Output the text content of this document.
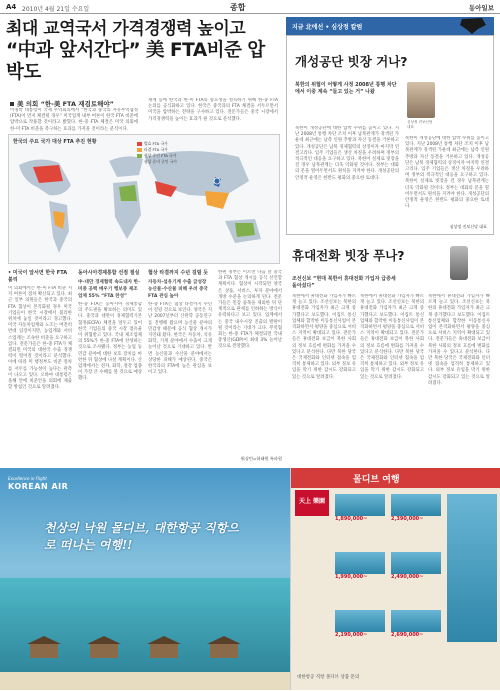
A4 2010년 4월 21일 수요일	종합	동아일보
최대 교역국서 가격경쟁력 높이고
“中과 앞서간다” 美 FTA비준 압박도
美 의회 “한-美 FTA 재검토해야”
이명박 대통령이 국제 무역회의에서 “한국과 중국의 자유무역협정(FTA)이 먼저 체결될 경우” 미국업계 내부 여론이 한국 FTA 비준에 압박으로 작용할 것이라고 밝혔다. 한-중 FTA 체결은 미국 의회에 한-미 FTA 비준을 촉구하는 효과를 가져올 것이라는 분석이다.
재계 등에 한국과 한-미 FTA의 중요성을 설득하기 위해 한-중 FTA 논의를 공식화하고 있다. 한국은 중국과의 FTA 체결을 서두르면서 미국을 압박하는 전략을 구사하고 있다. 전문가들은 중국 시장에서 가격경쟁력을 높이는 효과가 클 것으로 분석했다.
한국의 주요 국가 대상 FTA 추진 현황	발효 FTA 국가
타결 FTA 국가
협상 중인 FTA 국가
협상 준비 중인 국가
• 미국이 앞서면 한국 FTA 불리
미 의회에서는 한-미 FTA 비준 지지 여론이 점차 확산되고 있다. 최근 일부 의원들은 한국과 중국의 FTA 협상이 본격화될 경우 미국 기업들이 한국 시장에서 불리한 위치에 놓일 것이라고 경고했다. 미국 자동차업계와 노조는 여전히 반대 입장이지만, 농업계와 서비스업계는 조속한 비준을 요구하고 있다. 전문가들은 한-중 FTA가 체결되면 미국의 대한국 수출 경쟁력이 떨어질 것이라고 분석했다. 이에 따라 미 행정부도 비준 절차를 서두를 가능성이 높다는 관측이 나오고 있다. 오바마 대통령은 올해 안에 비준안을 의회에 제출할 방침인 것으로 알려졌다.
동아시아경제통합 선점 절실
中-대만 경제협력 속도내자 한-미중 공백 메우기 행보중 제조업체 55% “FTA 찬성”
한-중 FTA는 동아시아 경제통합의 주도권을 확보하는 의미도 있다. 중국과 대만이 경제협력기본협정(ECFA) 체결을 앞두고 있어 한국 기업들의 중국 시장 점유율이 위협받고 있다. 국내 제조업체의 55%가 한-중 FTA에 찬성하는 것으로 조사됐다. 정부는 농업 등 민감 분야에 대한 보호 장치를 마련한 뒤 협상에 나설 계획이다. 산업계에서는 전자, 화학, 철강 업종이 가장 큰 수혜를 볼 것으로 예상했다.
협상 타결까지 수년 걸릴 듯
자동차-섬유기계 수출 급성장 농산물-수산물 피해 우려 중국 FTA 관심 높아
한-중 FTA는 협상 타결까지 수년이 걸릴 것으로 보인다. 양국은 지난 2007년부터 산관학 공동연구를 진행해 왔으며 농산물 분야의 민감성 때문에 공식 협상 개시가 지연돼 왔다. 한국은 자동차, 석유화학, 기계 분야에서 수출이 크게 늘어날 것으로 기대하고 있다. 반면 농산물과 수산물 분야에서는 상당한 피해가 예상된다. 중국은 한국과의 FTA에 높은 관심을 보이고 있다.
한편 정부는 이르면 다음 달 중국과 FTA 협상 개시를 공식 선언할 계획이다. 협상이 시작되면 양국은 상품, 서비스, 투자 분야에서 개방 수준을 논의하게 된다. 전문가들은 민감 품목을 제외한 뒤 단계적으로 관세를 인하하는 방식이 유력하다고 보고 있다. 업계에서는 중국 내수시장 진출의 발판이 될 것이라는 기대가 크다. 무역협회는 한-중 FTA가 체결되면 국내총생산(GDP)이 최대 3% 늘어날 것으로 전망했다.
워싱턴=하태원 특파원
지금 北에선 • 심상정 칼럼
개성공단 빗장 거나?
북한의 위협이 어떻게 사정 2008년 통행 차단에서 이중 계속 “들고 있는 거” 나왔
심상정 진보신당 대표
북한이 개성공단에 대한 압박 수위를 높이고 있다. 지난 2008년 통행 차단 조치 이후 남북관계가 경색된 가운데 최근에는 남측 인원 추방과 자산 동결을 거론하고 있다. 개성공단은 남북 경제협력의 상징이자 마지막 연결고리다. 입주 기업들은 생산 차질을 우려하며 정부의 적극적인 대응을 요구하고 있다. 북한이 실제로 빗장을 걸 경우 남북관계는 더욱 악화될 것이다. 정부는 대화의 문을 열어두면서도 원칙을 지켜야 한다. 개성공단의 안정적 운영은 한반도 평화의 중요한 토대다.
북한이 개성공단에 대한 압박 수위를 높이고 있다. 지난 2008년 통행 차단 조치 이후 남북관계가 경색된 가운데 최근에는 남측 인원 추방과 자산 동결을 거론하고 있다. 개성공단은 남북 경제협력의 상징이자 마지막 연결고리다. 입주 기업들은 생산 차질을 우려하며 정부의 적극적인 대응을 요구하고 있다. 북한이 실제로 빗장을 걸 경우 남북관계는 더욱 악화될 것이다. 정부는 대화의 문을 열어두면서도 원칙을 지켜야 한다. 개성공단의 안정적 운영은 한반도 평화의 중요한 토대다.
심상정 진보신당 대표
휴대전화 빗장 푸나?
조선신보 “현대 북한서 휴대전화 가입자 급증세 돌아섰다”
북한에서 휴대전화 가입자가 빠르게 늘고 있다. 조선신보는 북한의 휴대전화 가입자가 최근 크게 증가했다고 보도했다. 이집트 통신업체와 합작한 이동통신사업이 본격화하면서 평양을 중심으로 서비스 지역이 확대되고 있다. 전문가들은 휴대전화 보급이 북한 사회의 정보 흐름에 변화를 가져올 수 있다고 분석한다. 다만 북한 당국은 국제전화와 인터넷 접속을 엄격히 통제하고 있다. 외부 정보 유입을 막기 위한 감시도 강화되고 있는 것으로 알려졌다.
북한에서 휴대전화 가입자가 빠르게 늘고 있다. 조선신보는 북한의 휴대전화 가입자가 최근 크게 증가했다고 보도했다. 이집트 통신업체와 합작한 이동통신사업이 본격화하면서 평양을 중심으로 서비스 지역이 확대되고 있다. 전문가들은 휴대전화 보급이 북한 사회의 정보 흐름에 변화를 가져올 수 있다고 분석한다. 다만 북한 당국은 국제전화와 인터넷 접속을 엄격히 통제하고 있다. 외부 정보 유입을 막기 위한 감시도 강화되고 있는 것으로 알려졌다.
북한에서 휴대전화 가입자가 빠르게 늘고 있다. 조선신보는 북한의 휴대전화 가입자가 최근 크게 증가했다고 보도했다. 이집트 통신업체와 합작한 이동통신사업이 본격화하면서 평양을 중심으로 서비스 지역이 확대되고 있다. 전문가들은 휴대전화 보급이 북한 사회의 정보 흐름에 변화를 가져올 수 있다고 분석한다. 다만 북한 당국은 국제전화와 인터넷 접속을 엄격히 통제하고 있다. 외부 정보 유입을 막기 위한 감시도 강화되고 있는 것으로 알려졌다.
Excellence in Flight
KOREAN AIR
천상의 낙원 몰디브, 대한항공 직항으로 떠나는 여행!!
몰디브 여행
天上 樂園
1,890,000~	2,390,000~
1,990,000~	2,490,000~
2,190,000~	2,690,000~
대한항공 직항 몰디브 상품 문의
